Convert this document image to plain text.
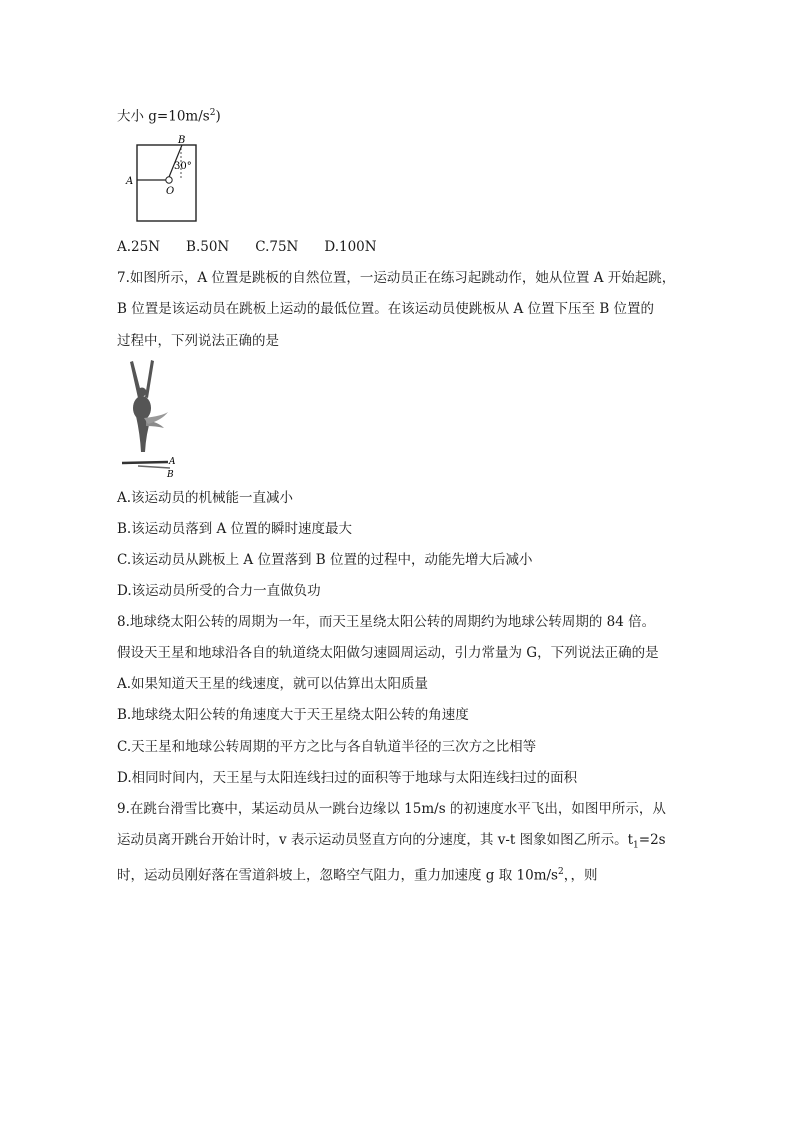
大小 $g=10m/s^2$)
A
B
O
30°
A.25N B.50N C.75N D.100N
7.如图所示，A 位置是跳板的自然位置，一运动员正在练习起跳动作，她从位置 A 开始起跳，
B 位置是该运动员在跳板上运动的最低位置。在该运动员使跳板从 A 位置下压至 B 位置的
过程中，下列说法正确的是
A
B
A.该运动员的机械能一直减小
B.该运动员落到 A 位置的瞬时速度最大
C.该运动员从跳板上 A 位置落到 B 位置的过程中，动能先增大后减小
D.该运动员所受的合力一直做负功
8.地球绕太阳公转的周期为一年，而天王星绕太阳公转的周期约为地球公转周期的 84 倍。
假设天王星和地球沿各自的轨道绕太阳做匀速圆周运动，引力常量为 G，下列说法正确的是
A.如果知道天王星的线速度，就可以估算出太阳质量
B.地球绕太阳公转的角速度大于天王星绕太阳公转的角速度
C.天王星和地球公转周期的平方之比与各自轨道半径的三次方之比相等
D.相同时间内，天王星与太阳连线扫过的面积等于地球与太阳连线扫过的面积
9.在跳台滑雪比赛中，某运动员从一跳台边缘以 15m/s 的初速度水平飞出，如图甲所示，从
运动员离开跳台开始计时，v 表示运动员竖直方向的分速度，其 v-t 图象如图乙所示。$t_1=2s$
时，运动员刚好落在雪道斜坡上，忽略空气阻力，重力加速度 g 取 $10m/s^2$，，则
